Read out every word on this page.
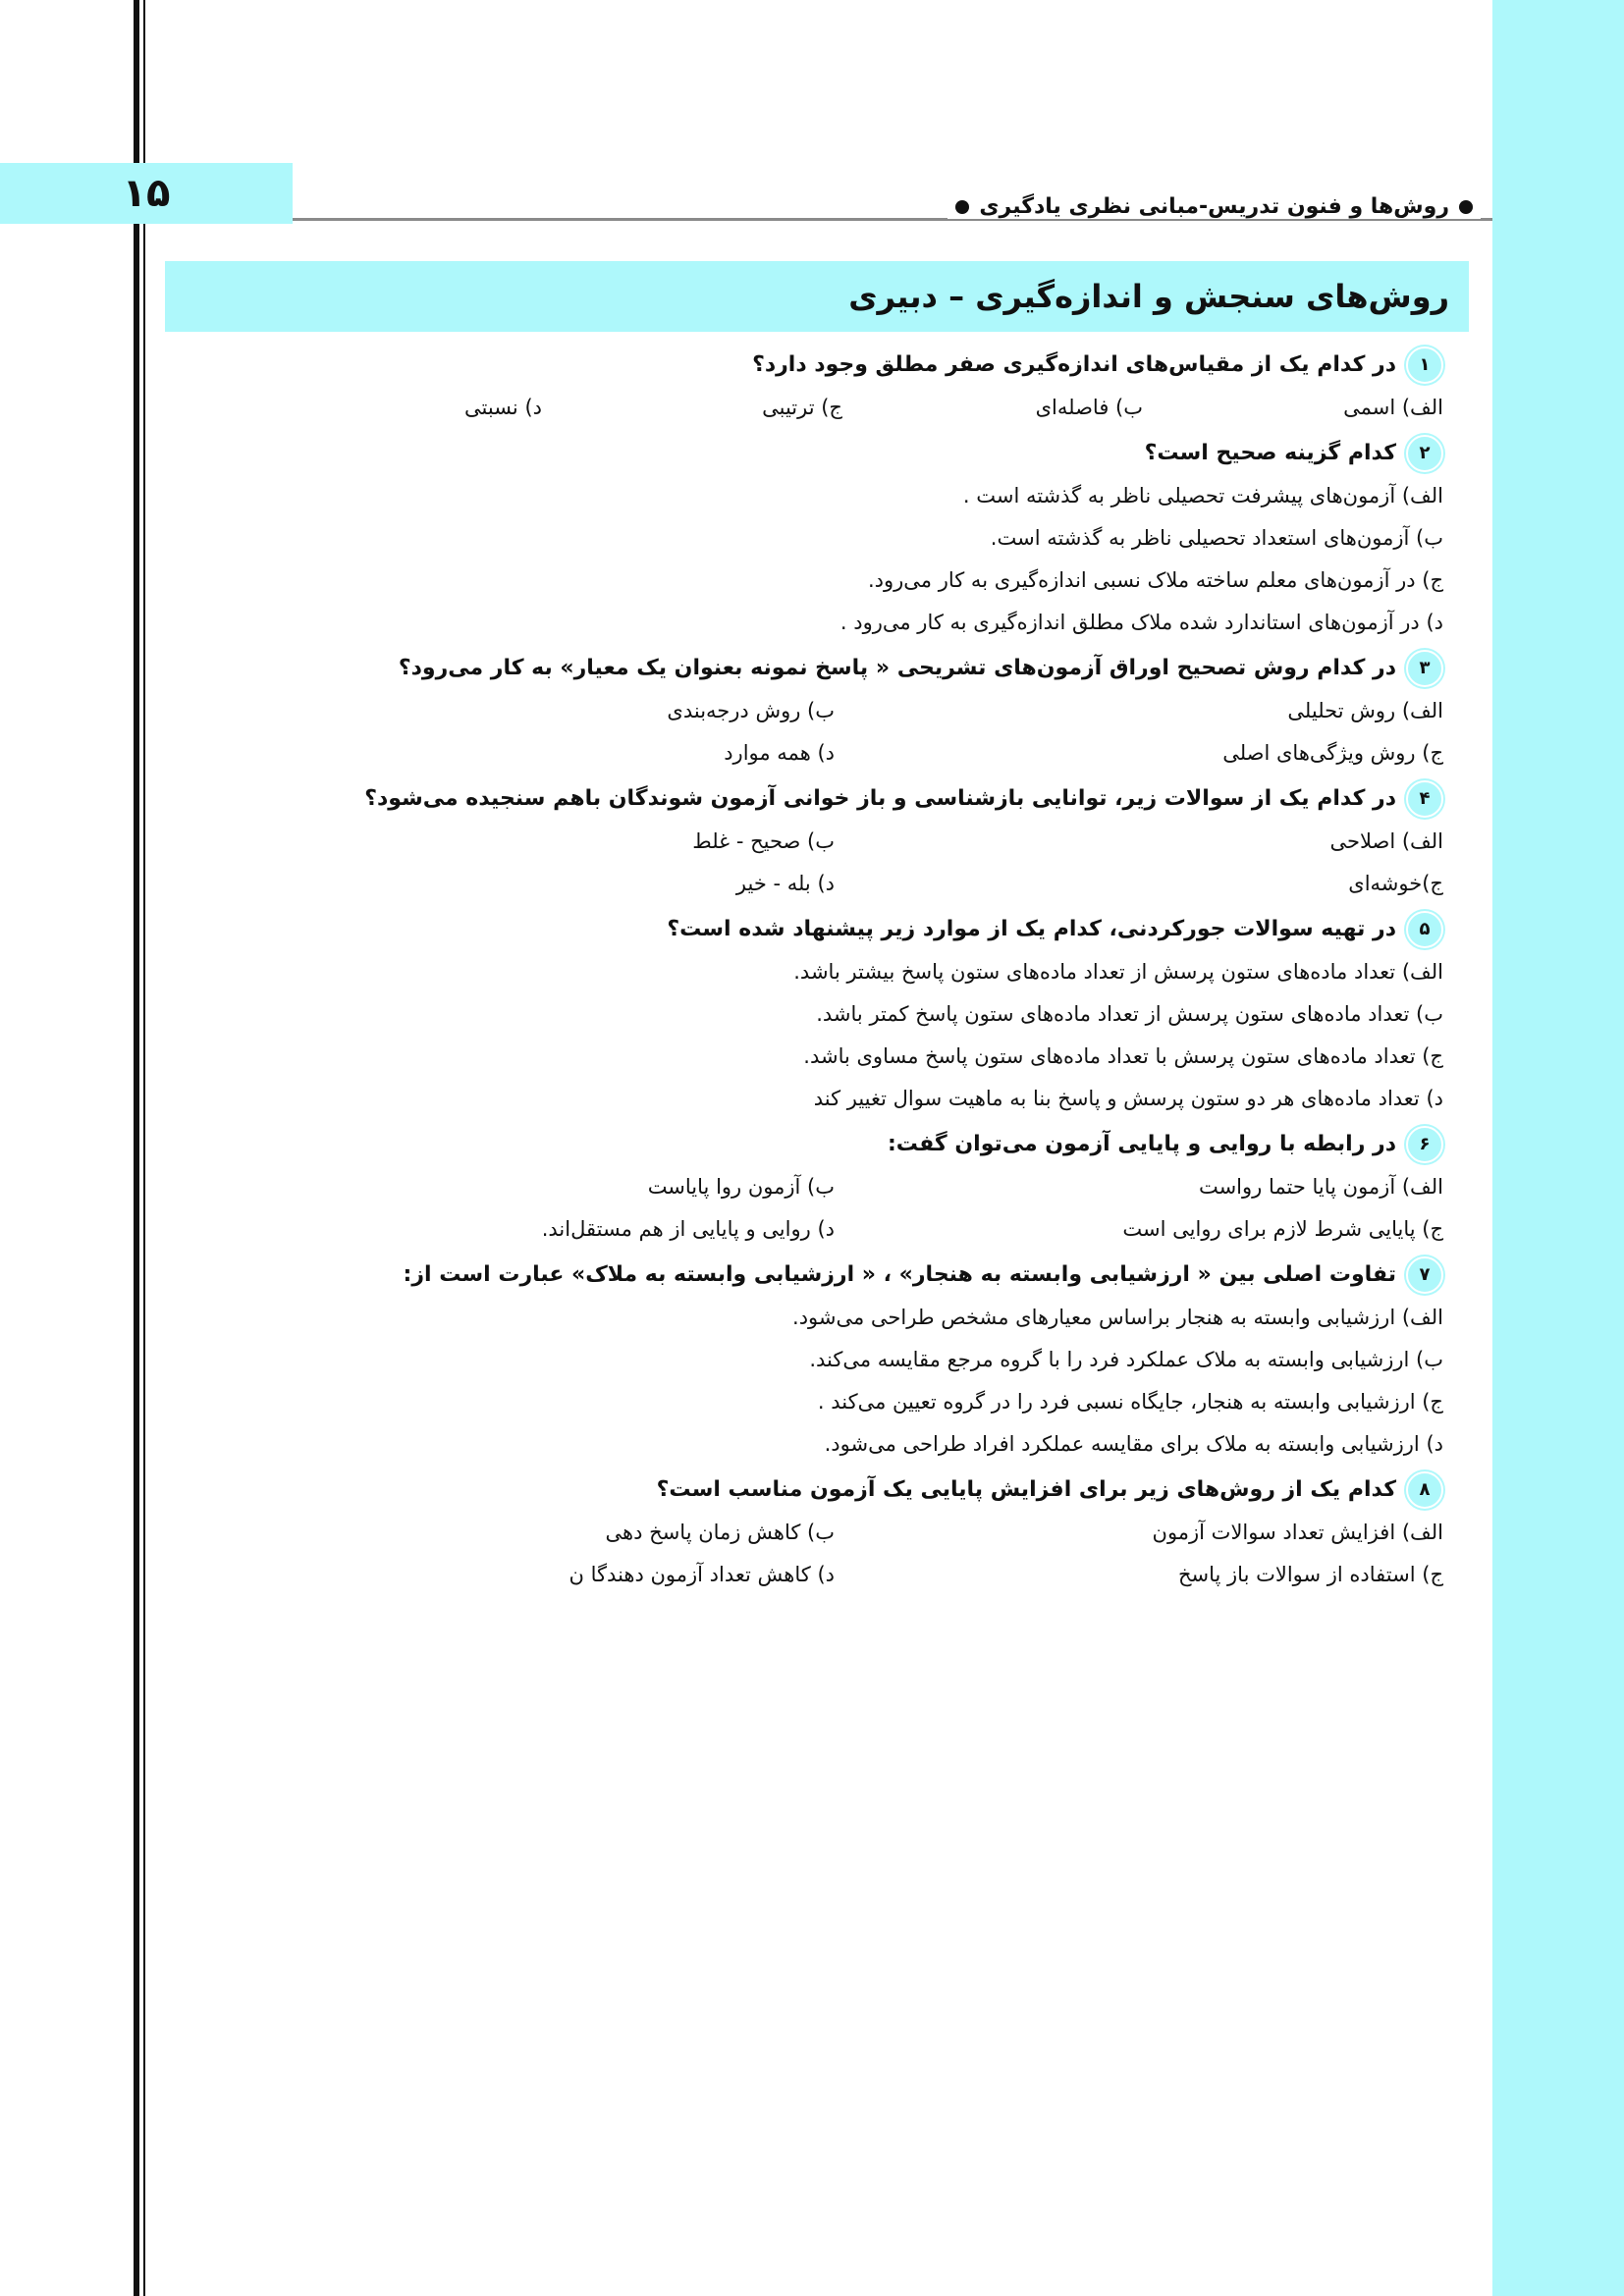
۱۵	روش‌ها و فنون تدریس-مبانی نظری یادگیری
روش‌های سنجش و اندازه‌گیری – دبیری
۱
در کدام یک از مقیاس‌های اندازه‌گیری صفر مطلق وجود دارد؟
الف) اسمی
ب) فاصله‌ای
ج) ترتیبی
د) نسبتی
۲
کدام گزینه صحیح است؟
الف) آزمون‌های پیشرفت تحصیلی ناظر به گذشته است .
ب) آزمون‌های استعداد تحصیلی ناظر به گذشته است.
ج) در آزمون‌های معلم ساخته ملاک نسبی اندازه‌گیری به کار می‌رود.
د) در آزمون‌های استاندارد شده ملاک مطلق اندازه‌گیری به کار می‌رود .
۳
در کدام روش تصحیح اوراق آزمون‌های تشریحی « پاسخ نمونه بعنوان یک معیار» به کار می‌رود؟
الف) روش تحلیلی
ب) روش درجه‌بندی
ج) روش ویژگی‌های اصلی
د) همه موارد
۴
در کدام یک از سوالات زیر، توانایی بازشناسی و باز خوانی آزمون شوندگان باهم سنجیده می‌شود؟
الف) اصلاحی
ب) صحیح - غلط
ج)خوشه‌ای
د) بله - خیر
۵
در تهیه سوالات جورکردنی، کدام یک از موارد زیر پیشنهاد شده است؟
الف) تعداد ماده‌های ستون پرسش از تعداد ماده‌های ستون پاسخ بیشتر باشد.
ب) تعداد ماده‌های ستون پرسش از تعداد ماده‌های ستون پاسخ کمتر باشد.
ج) تعداد ماده‌های ستون پرسش با تعداد ماده‌های ستون پاسخ مساوی باشد.
د) تعداد ماده‌های هر دو ستون پرسش و پاسخ بنا به ماهیت سوال تغییر کند
۶
در رابطه با روایی و پایایی آزمون می‌توان گفت:
الف) آزمون پایا حتما رواست
ب) آزمون روا پایاست
ج) پایایی شرط لازم برای روایی است
د) روایی و پایایی از هم مستقل‌اند.
۷
تفاوت اصلی بین « ارزشیابی وابسته به هنجار» ، « ارزشیابی وابسته به ملاک» عبارت است از:
الف) ارزشیابی وابسته به هنجار براساس معیارهای مشخص طراحی می‌شود.
ب) ارزشیابی وابسته به ملاک عملکرد فرد را با گروه مرجع مقایسه می‌کند.
ج) ارزشیابی وابسته به هنجار، جایگاه نسبی فرد را در گروه تعیین می‌کند .
د) ارزشیابی وابسته به ملاک برای مقایسه عملکرد افراد طراحی می‌شود.
۸
کدام یک از روش‌های زیر برای افزایش پایایی یک آزمون مناسب است؟
الف) افزایش تعداد سوالات آزمون
ب) کاهش زمان پاسخ دهی
ج) استفاده از سوالات باز پاسخ
د) کاهش تعداد آزمون دهندگا ن
